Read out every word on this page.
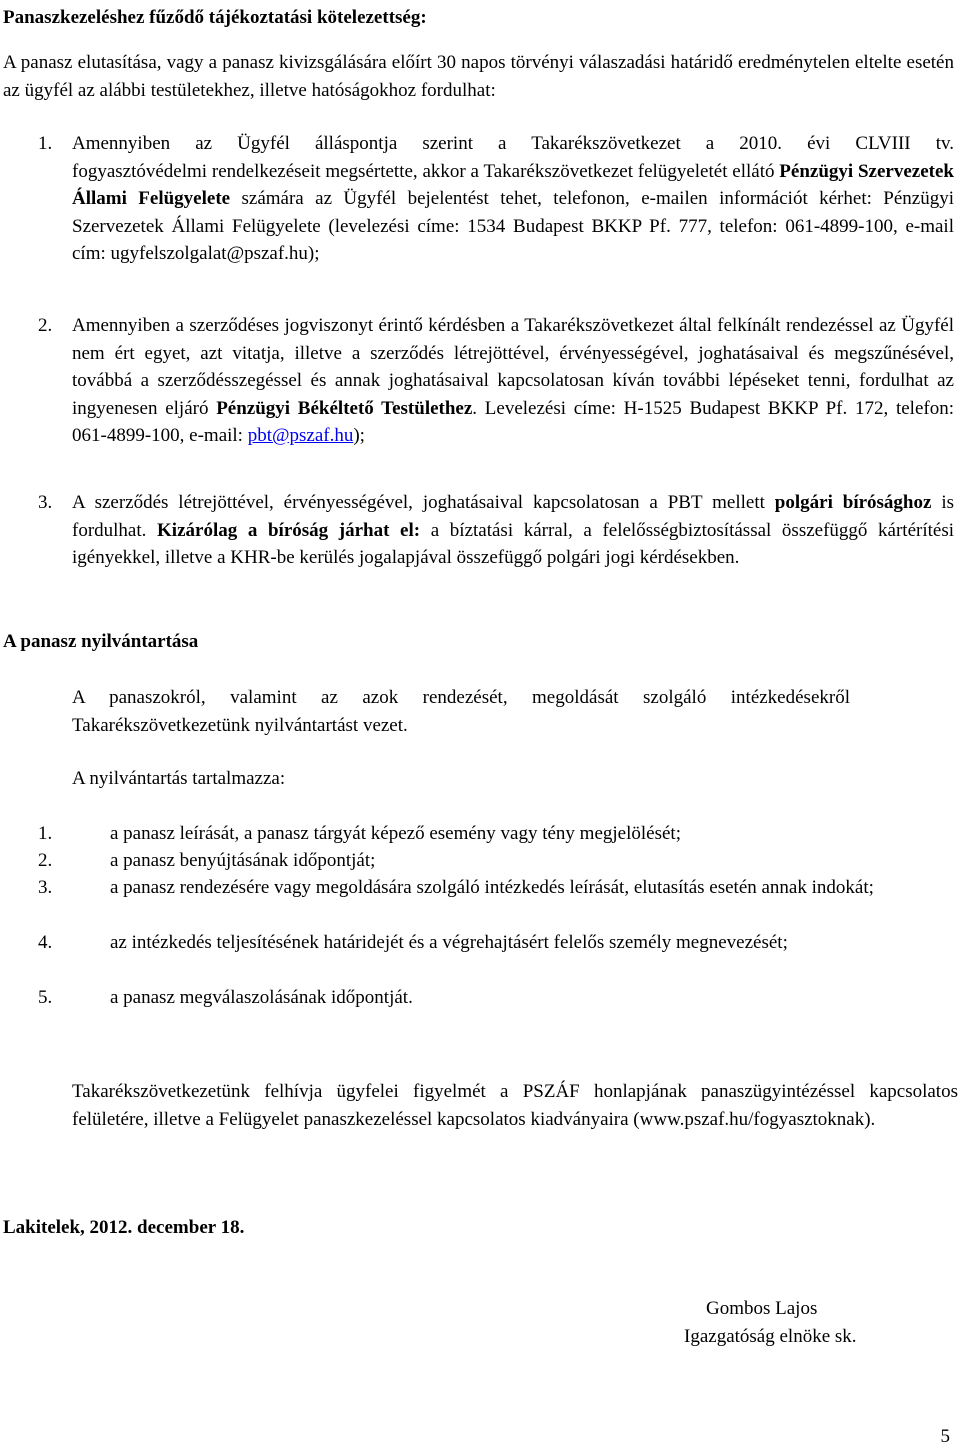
Panaszkezeléshez fűződő tájékoztatási kötelezettség:

A panasz elutasítása, vagy a panasz kivizsgálására előírt 30 napos törvényi válaszadási határidő eredménytelen eltelte esetén az ügyfél az alábbi testületekhez, illetve hatóságokhoz fordulhat:

1. Amennyiben az Ügyfél álláspontja szerint a Takarékszövetkezet a 2010. évi CLVIII tv.
fogyasztóvédelmi rendelkezéseit megsértette, akkor a Takarékszövetkezet felügyeletét ellátó Pénzügyi Szervezetek Állami Felügyelete számára az Ügyfél bejelentést tehet, telefonon, e-mailen információt kérhet: Pénzügyi Szervezetek Állami Felügyelete (levelezési címe: 1534 Budapest BKKP Pf. 777, telefon: 061-4899-100, e-mail cím: ugyfelszolgalat@pszaf.hu);
2. Amennyiben a szerződéses jogviszonyt érintő kérdésben a Takarékszövetkezet által felkínált rendezéssel az Ügyfél nem ért egyet, azt vitatja, illetve a szerződés létrejöttével, érvényességével, joghatásaival és megszűnésével, továbbá a szerződésszegéssel és annak joghatásaival kapcsolatosan kíván további lépéseket tenni, fordulhat az ingyenesen eljáró Pénzügyi Békéltető Testülethez. Levelezési címe: H-1525 Budapest BKKP Pf. 172, telefon: 061-4899-100, e-mail: pbt@pszaf.hu);
3. A szerződés létrejöttével, érvényességével, joghatásaival kapcsolatosan a PBT mellett polgári bírósághoz is fordulhat. Kizárólag a bíróság járhat el: a bíztatási kárral, a felelősségbiztosítással összefüggő kártérítési igényekkel, illetve a KHR-be kerülés jogalapjával összefüggő polgári jogi kérdésekben.
A panasz nyilvántartása

A panaszokról, valamint az azok rendezését, megoldását szolgáló intézkedésekről Takarékszövetkezetünk nyilvántartást vezet.

A nyilvántartás tartalmazza:

1.	a panasz leírását, a panasz tárgyát képező esemény vagy tény megjelölését;
2.	a panasz benyújtásának időpontját;
3.	a panasz rendezésére vagy megoldására szolgáló intézkedés leírását, elutasítás esetén annak indokát;
4.	az intézkedés teljesítésének határidejét és a végrehajtásért felelős személy megnevezését;
5.	a panasz megválaszolásának időpontját.

Takarékszövetkezetünk felhívja ügyfelei figyelmét a PSZÁF honlapjának panaszügyintézéssel kapcsolatos felületére, illetve a Felügyelet panaszkezeléssel kapcsolatos kiadványaira (www.pszaf.hu/fogyasztoknak).

Lakitelek, 2012. december 18.

Gombos Lajos

Igazgatóság elnöke sk.

5
